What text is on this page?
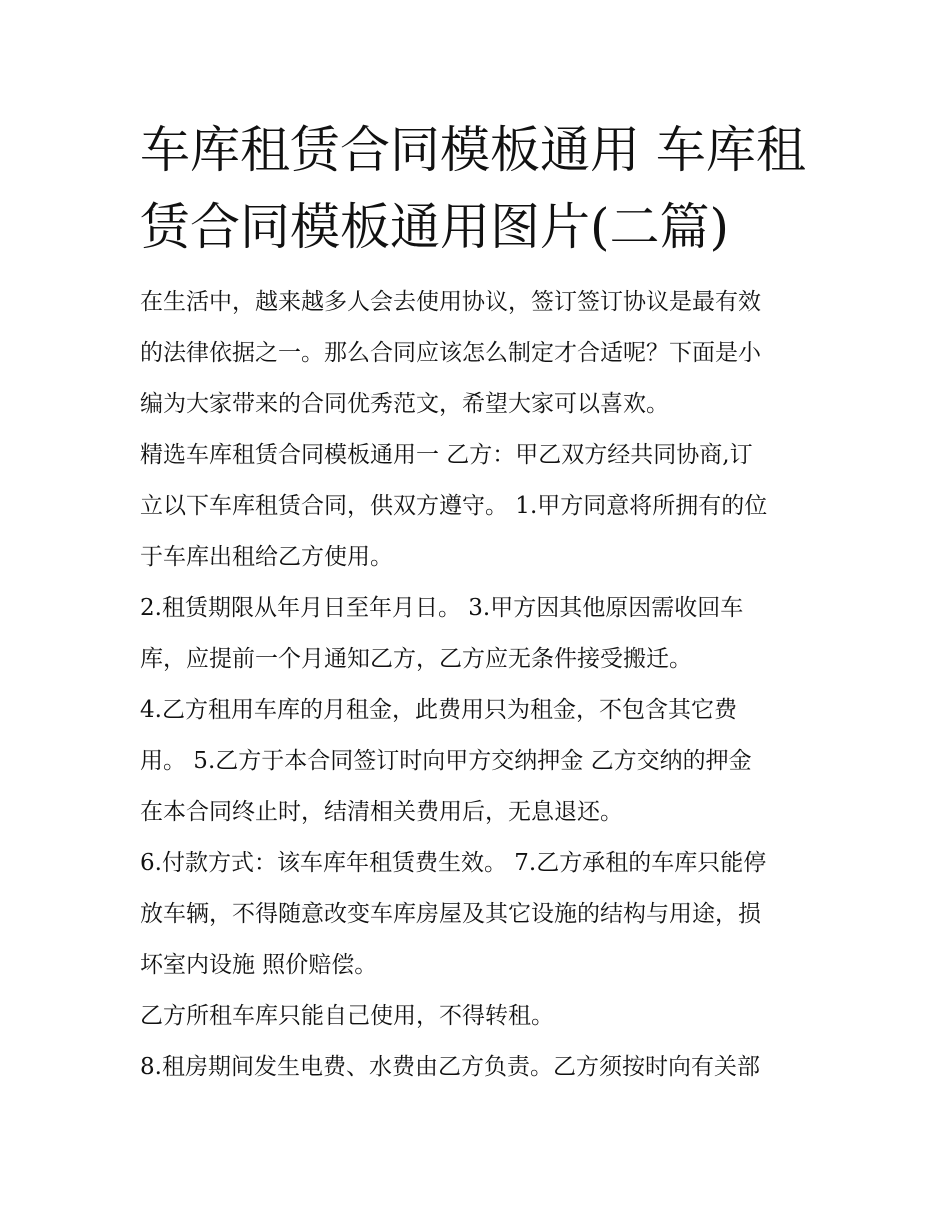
车库租赁合同模板通用 车库租
赁合同模板通用图片(二篇)
在生活中，越来越多人会去使用协议，签订签订协议是最有效
的法律依据之一。那么合同应该怎么制定才合适呢？下面是小
编为大家带来的合同优秀范文，希望大家可以喜欢。
精选车库租赁合同模板通用一 乙方：甲乙双方经共同协商,订
立以下车库租赁合同，供双方遵守。 1.甲方同意将所拥有的位
于车库出租给乙方使用。
2.租赁期限从年月日至年月日。 3.甲方因其他原因需收回车
库，应提前一个月通知乙方，乙方应无条件接受搬迁。
4.乙方租用车库的月租金，此费用只为租金，不包含其它费
用。 5.乙方于本合同签订时向甲方交纳押金 乙方交纳的押金
在本合同终止时，结清相关费用后，无息退还。
6.付款方式：该车库年租赁费生效。 7.乙方承租的车库只能停
放车辆，不得随意改变车库房屋及其它设施的结构与用途，损
坏室内设施 照价赔偿。
乙方所租车库只能自己使用，不得转租。
8.租房期间发生电费、水费由乙方负责。乙方须按时向有关部
